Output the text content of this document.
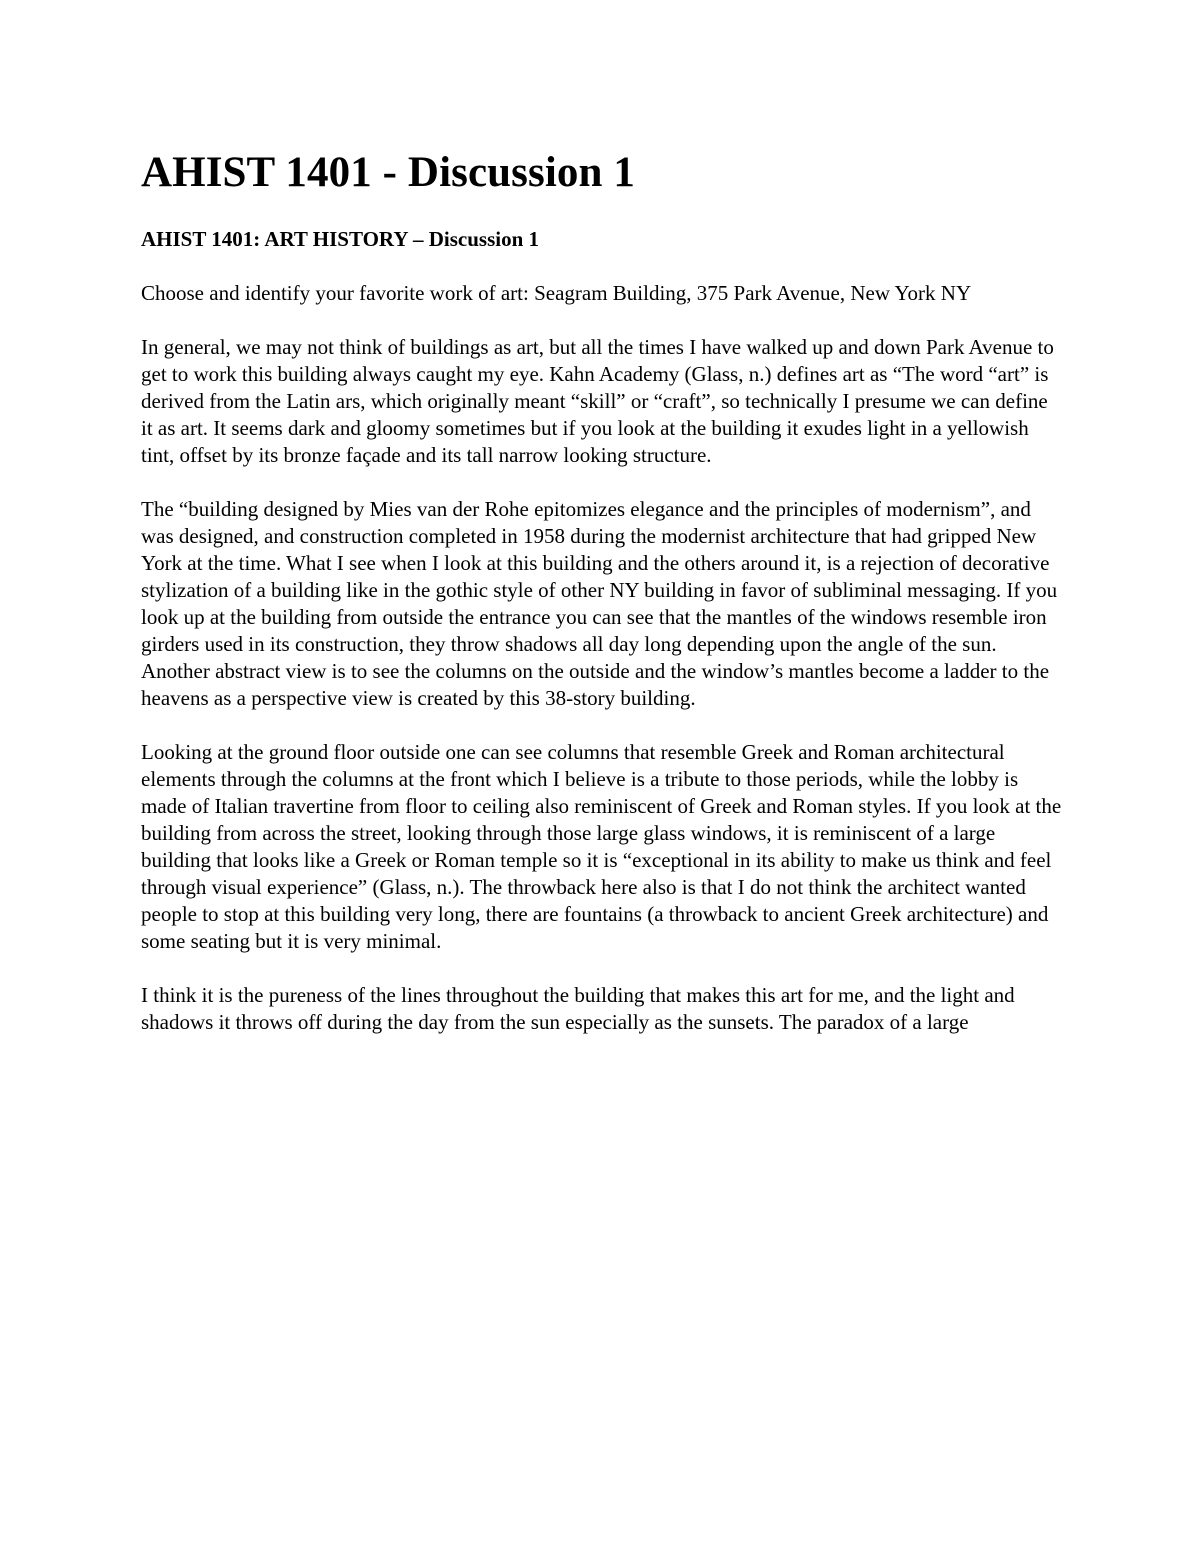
AHIST 1401 - Discussion 1

AHIST 1401: ART HISTORY – Discussion 1

Choose and identify your favorite work of art: Seagram Building, 375 Park Avenue, New York NY

In general, we may not think of buildings as art, but all the times I have walked up and down Park Avenue to get to work this building always caught my eye. Kahn Academy (Glass, n.) defines art as “The word “art” is derived from the Latin ars, which originally meant “skill” or “craft”, so technically I presume we can define it as art. It seems dark and gloomy sometimes but if you look at the building it exudes light in a yellowish tint, offset by its bronze façade and its tall narrow looking structure.

The “building designed by Mies van der Rohe epitomizes elegance and the principles of modernism”, and was designed, and construction completed in 1958 during the modernist architecture that had gripped New York at the time. What I see when I look at this building and the others around it, is a rejection of decorative stylization of a building like in the gothic style of other NY building in favor of subliminal messaging. If you look up at the building from outside the entrance you can see that the mantles of the windows resemble iron girders used in its construction, they throw shadows all day long depending upon the angle of the sun. Another abstract view is to see the columns on the outside and the window’s mantles become a ladder to the heavens as a perspective view is created by this 38-story building.

Looking at the ground floor outside one can see columns that resemble Greek and Roman architectural elements through the columns at the front which I believe is a tribute to those periods, while the lobby is made of Italian travertine from floor to ceiling also reminiscent of Greek and Roman styles. If you look at the building from across the street, looking through those large glass windows, it is reminiscent of a large building that looks like a Greek or Roman temple so it is “exceptional in its ability to make us think and feel through visual experience” (Glass, n.). The throwback here also is that I do not think the architect wanted people to stop at this building very long, there are fountains (a throwback to ancient Greek architecture) and some seating but it is very minimal.

I think it is the pureness of the lines throughout the building that makes this art for me, and the light and shadows it throws off during the day from the sun especially as the sunsets. The paradox of a large
